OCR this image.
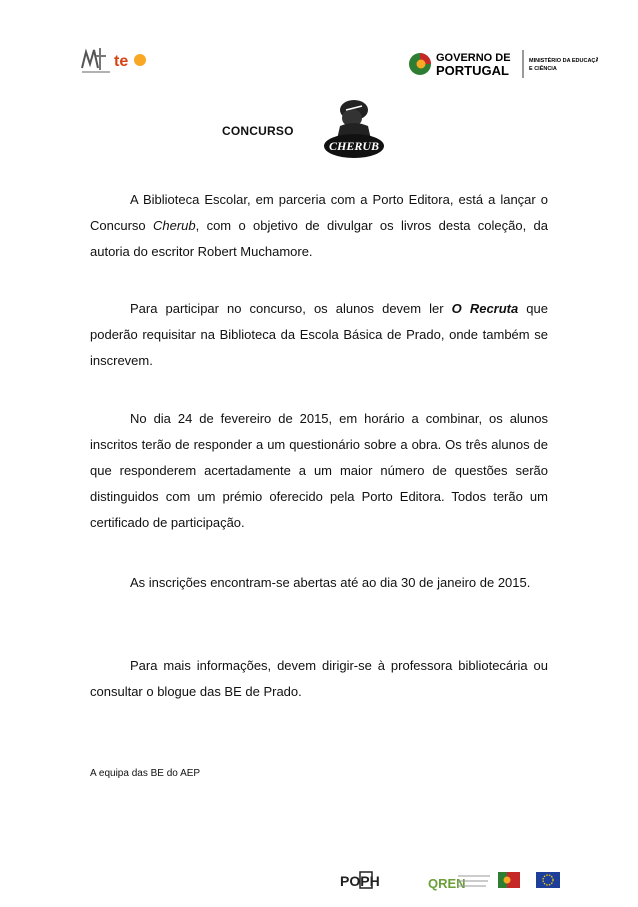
te	GOVERNO DE
PORTUGAL
MINISTÉRIO DA EDUCAÇÃO
E CIÊNCIA
CONCURSO
CHERUB
A Biblioteca Escolar, em parceria com a Porto Editora, está a lançar o Concurso Cherub, com o objetivo de divulgar os livros desta coleção, da autoria do escritor Robert Muchamore.
Para participar no concurso, os alunos devem ler O Recruta que poderão requisitar na Biblioteca da Escola Básica de Prado, onde também se inscrevem.
No dia 24 de fevereiro de 2015, em horário a combinar, os alunos inscritos terão de responder a um questionário sobre a obra. Os três alunos de que responderem acertadamente a um maior número de questões serão distinguidos com um prémio oferecido pela Porto Editora. Todos terão um certificado de participação.
As inscrições encontram-se abertas até ao dia 30 de janeiro de 2015.
Para mais informações, devem dirigir-se à professora bibliotecária ou consultar o blogue das BE de Prado.
A equipa das BE do AEP
POPH	QREN
